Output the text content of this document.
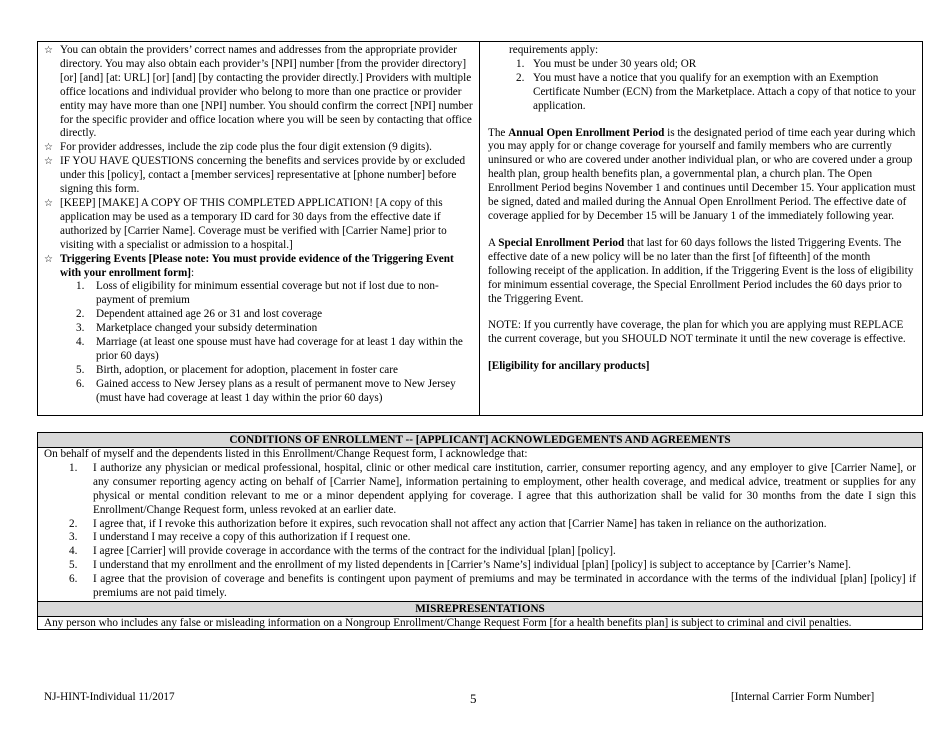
☆ You can obtain the providers’ correct names and addresses from the appropriate provider directory. You may also obtain each provider’s [NPI] number [from the provider directory] [or] [and] [at: URL] [or] [and] [by contacting the provider directly.] Providers with multiple office locations and individual provider who belong to more than one practice or provider entity may have more than one [NPI] number. You should confirm the correct [NPI] number for the specific provider and office location where you will be seen by contacting that office directly.
☆ For provider addresses, include the zip code plus the four digit extension (9 digits).
☆ IF YOU HAVE QUESTIONS concerning the benefits and services provide by or excluded under this [policy], contact a [member services] representative at [phone number] before signing this form.
☆ [KEEP] [MAKE] A COPY OF THIS COMPLETED APPLICATION! [A copy of this application may be used as a temporary ID card for 30 days from the effective date if authorized by [Carrier Name]. Coverage must be verified with [Carrier Name] prior to visiting with a specialist or admission to a hospital.]
☆ Triggering Events [Please note: You must provide evidence of the Triggering Event with your enrollment form]:
1. Loss of eligibility for minimum essential coverage but not if lost due to non-payment of premium
2. Dependent attained age 26 or 31 and lost coverage
3. Marketplace changed your subsidy determination
4. Marriage (at least one spouse must have had coverage for at least 1 day within the prior 60 days)
5. Birth, adoption, or placement for adoption, placement in foster care
6. Gained access to New Jersey plans as a result of permanent move to New Jersey (must have had coverage at least 1 day within the prior 60 days)
requirements apply:
1. You must be under 30 years old; OR
2. You must have a notice that you qualify for an exemption with an Exemption Certificate Number (ECN) from the Marketplace. Attach a copy of that notice to your application.
The Annual Open Enrollment Period is the designated period of time each year during which you may apply for or change coverage for yourself and family members who are currently uninsured or who are covered under another individual plan, or who are covered under a group health plan, group health benefits plan, a governmental plan, a church plan. The Open Enrollment Period begins November 1 and continues until December 15. Your application must be signed, dated and mailed during the Annual Open Enrollment Period. The effective date of coverage applied for by December 15 will be January 1 of the immediately following year.
A Special Enrollment Period that last for 60 days follows the listed Triggering Events. The effective date of a new policy will be no later than the first [of fifteenth] of the month following receipt of the application. In addition, if the Triggering Event is the loss of eligibility for minimum essential coverage, the Special Enrollment Period includes the 60 days prior to the Triggering Event.
NOTE: If you currently have coverage, the plan for which you are applying must REPLACE the current coverage, but you SHOULD NOT terminate it until the new coverage is effective.
[Eligibility for ancillary products]
CONDITIONS OF ENROLLMENT -- [APPLICANT] ACKNOWLEDGEMENTS AND AGREEMENTS
On behalf of myself and the dependents listed in this Enrollment/Change Request form, I acknowledge that:
1. I authorize any physician or medical professional, hospital, clinic or other medical care institution, carrier, consumer reporting agency, and any employer to give [Carrier Name], or any consumer reporting agency acting on behalf of [Carrier Name], information pertaining to employment, other health coverage, and medical advice, treatment or supplies for any physical or mental condition relevant to me or a minor dependent applying for coverage. I agree that this authorization shall be valid for 30 months from the date I sign this Enrollment/Change Request form, unless revoked at an earlier date.
2. I agree that, if I revoke this authorization before it expires, such revocation shall not affect any action that [Carrier Name] has taken in reliance on the authorization.
3. I understand I may receive a copy of this authorization if I request one.
4. I agree [Carrier] will provide coverage in accordance with the terms of the contract for the individual [plan] [policy].
5. I understand that my enrollment and the enrollment of my listed dependents in [Carrier’s Name’s] individual [plan] [policy] is subject to acceptance by [Carrier’s Name].
6. I agree that the provision of coverage and benefits is contingent upon payment of premiums and may be terminated in accordance with the terms of the individual [plan] [policy] if premiums are not paid timely.
MISREPRESENTATIONS
Any person who includes any false or misleading information on a Nongroup Enrollment/Change Request Form [for a health benefits plan] is subject to criminal and civil penalties.
NJ-HINT-Individual 11/2017	5	[Internal Carrier Form Number]
